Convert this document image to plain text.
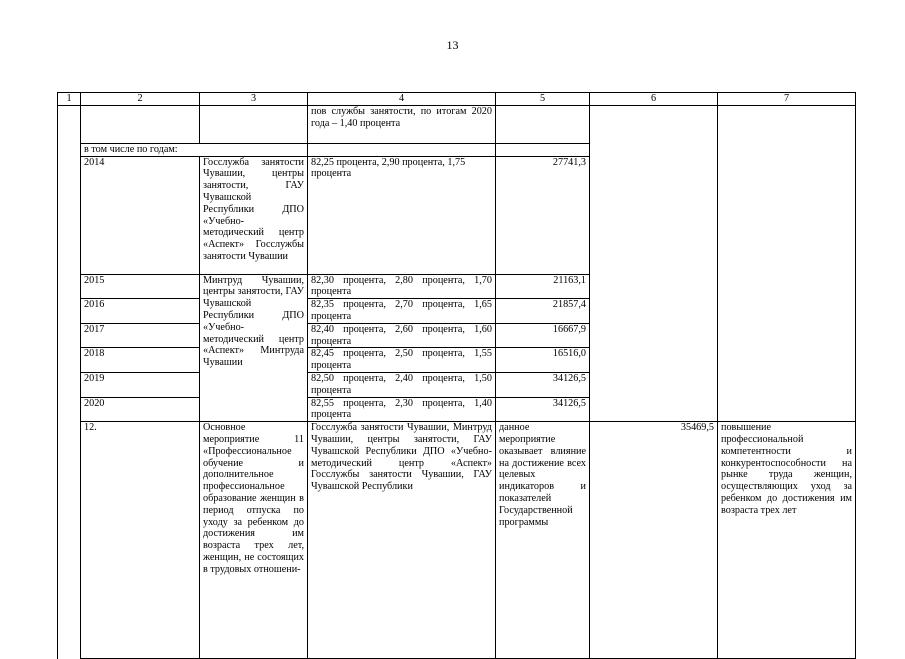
13
1	2	3	4	5	6	7	
			пов службы занятости, по итогам 2020 года – 1,40 процента				
	в том числе по годам:						
	2014	Госслужба занятости Чувашии, центры занятости, ГАУ Чувашской Республики ДПО «Учебно-методический центр «Аспект» Госслужбы занятости Чувашии	82,25 процента, 2,90 процента, 1,75 процента	27741,3			
	2015	Минтруд Чувашии, центры занятости, ГАУ Чувашской Республики ДПО «Учебно-методический центр «Аспект» Минтруда Чувашии	82,30 процента, 2,80 процента, 1,70 процента	21163,1			
	2016		82,35 процента, 2,70 процента, 1,65 процента	21857,4			
	2017		82,40 процента, 2,60 процента, 1,60 процента	16667,9			
	2018		82,45 процента, 2,50 процента, 1,55 процента	16516,0			
	2019		82,50 процента, 2,40 процента, 1,50 процента	34126,5			
	2020		82,55 процента, 2,30 процента, 1,40 процента	34126,5			
	12.	Основное мероприятие 11 «Профессиональное обучение и дополнительное профессиональное образование женщин в период отпуска по уходу за ребенком до достижения им возраста трех лет, женщин, не состоящих в трудовых отношени-	Госслужба занятости Чувашии, Минтруд Чувашии, центры занятости, ГАУ Чувашской Республики ДПО «Учебно-методический центр «Аспект» Госслужбы занятости Чувашии, ГАУ Чувашской Республики	данное мероприятие оказывает влияние на достижение всех целевых индикаторов и показателей Государственной программы	35469,5	повышение профессиональной компетентности и конкурентоспособности на рынке труда женщин, осуществляющих уход за ребенком до достижения им возраста трех лет	
